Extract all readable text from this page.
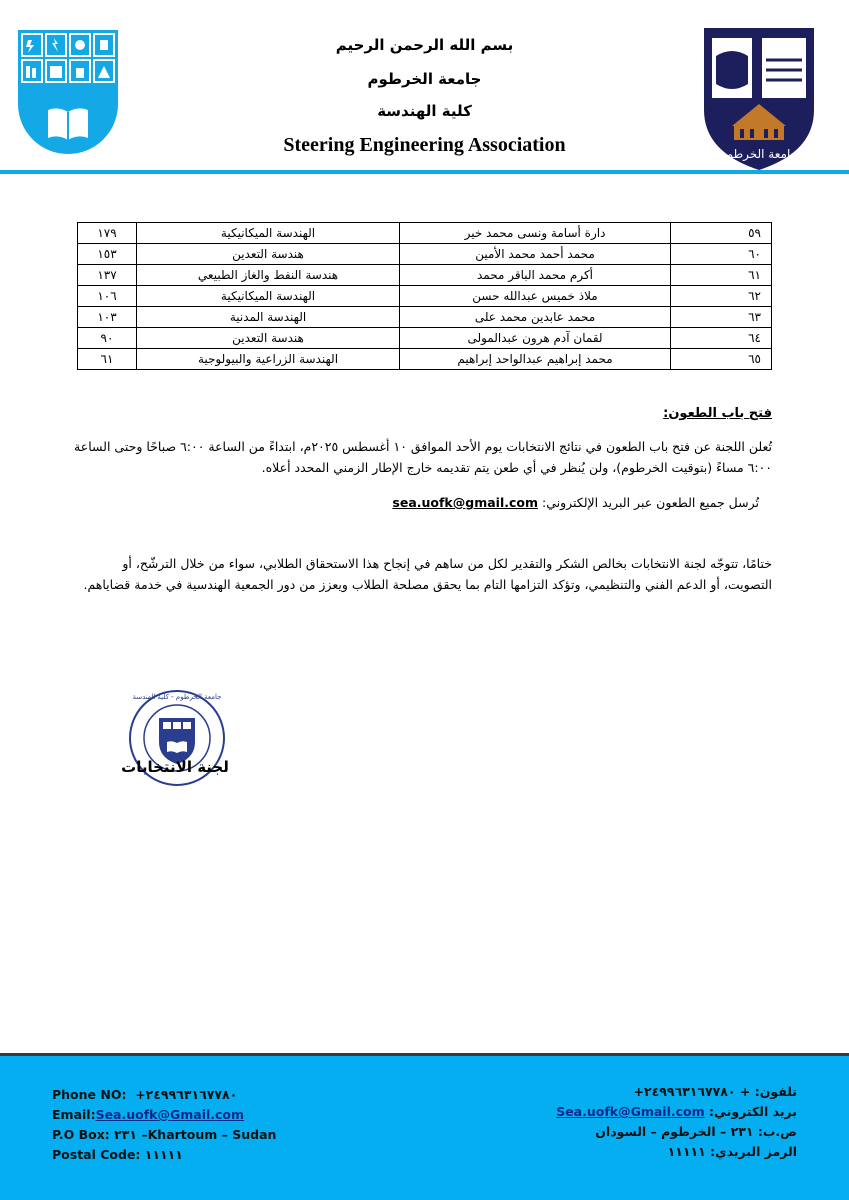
بسم الله الرحمن الرحيم
جامعة الخرطوم
كلية الهندسة
Steering Engineering Association	جامعة الخرطوم
٥٩	دارة أسامة ونسى محمد خير	الهندسة الميكانيكية	١٧٩
٦٠	محمد أحمد محمد الأمين	هندسة التعدين	١٥٣
٦١	أكرم محمد الباقر محمد	هندسة النفط والغاز الطبيعي	١٣٧
٦٢	ملاذ خميس عبدالله حسن	الهندسة الميكانيكية	١٠٦
٦٣	محمد عابدين محمد على	الهندسة المدنية	١٠٣
٦٤	لقمان آدم هرون عبدالمولى	هندسة التعدين	٩٠
٦٥	محمد إبراهيم عبدالواحد إبراهيم	الهندسة الزراعية والبيولوجية	٦١
فتح باب الطعون:
تُعلن اللجنة عن فتح باب الطعون في نتائج الانتخابات يوم الأحد الموافق ١٠ أغسطس ٢٠٢٥م، ابتداءً من الساعة ٦:٠٠ صباحًا وحتى الساعة ٦:٠٠ مساءً (بتوقيت الخرطوم)، ولن يُنظر في أي طعن يتم تقديمه خارج الإطار الزمني المحدد أعلاه.
تُرسل جميع الطعون عبر البريد الإلكتروني: sea.uofk@gmail.com
ختامًا، تتوجّه لجنة الانتخابات بخالص الشكر والتقدير لكل من ساهم في إنجاح هذا الاستحقاق الطلابي، سواء من خلال الترشّح، أو التصويت، أو الدعم الفني والتنظيمي، وتؤكد التزامها التام بما يحقق مصلحة الطلاب ويعزز من دور الجمعية الهندسية في خدمة قضاياهم.
جامعة الخرطوم - كلية الهندسة
لجنة الانتخابات
Phone NO: +٢٤٩٩٦٣١٦٧٧٨٠
Email:Sea.uofk@Gmail.com
P.O Box: ٢٣١ –Khartoum – Sudan
Postal Code: ١١١١١
تلفون: + +٢٤٩٩٦٣١٦٧٧٨٠
بريد الكتروني: Sea.uofk@Gmail.com
ص.ب: ٢٣١ – الخرطوم – السودان
الرمز البريدي: ١١١١١
